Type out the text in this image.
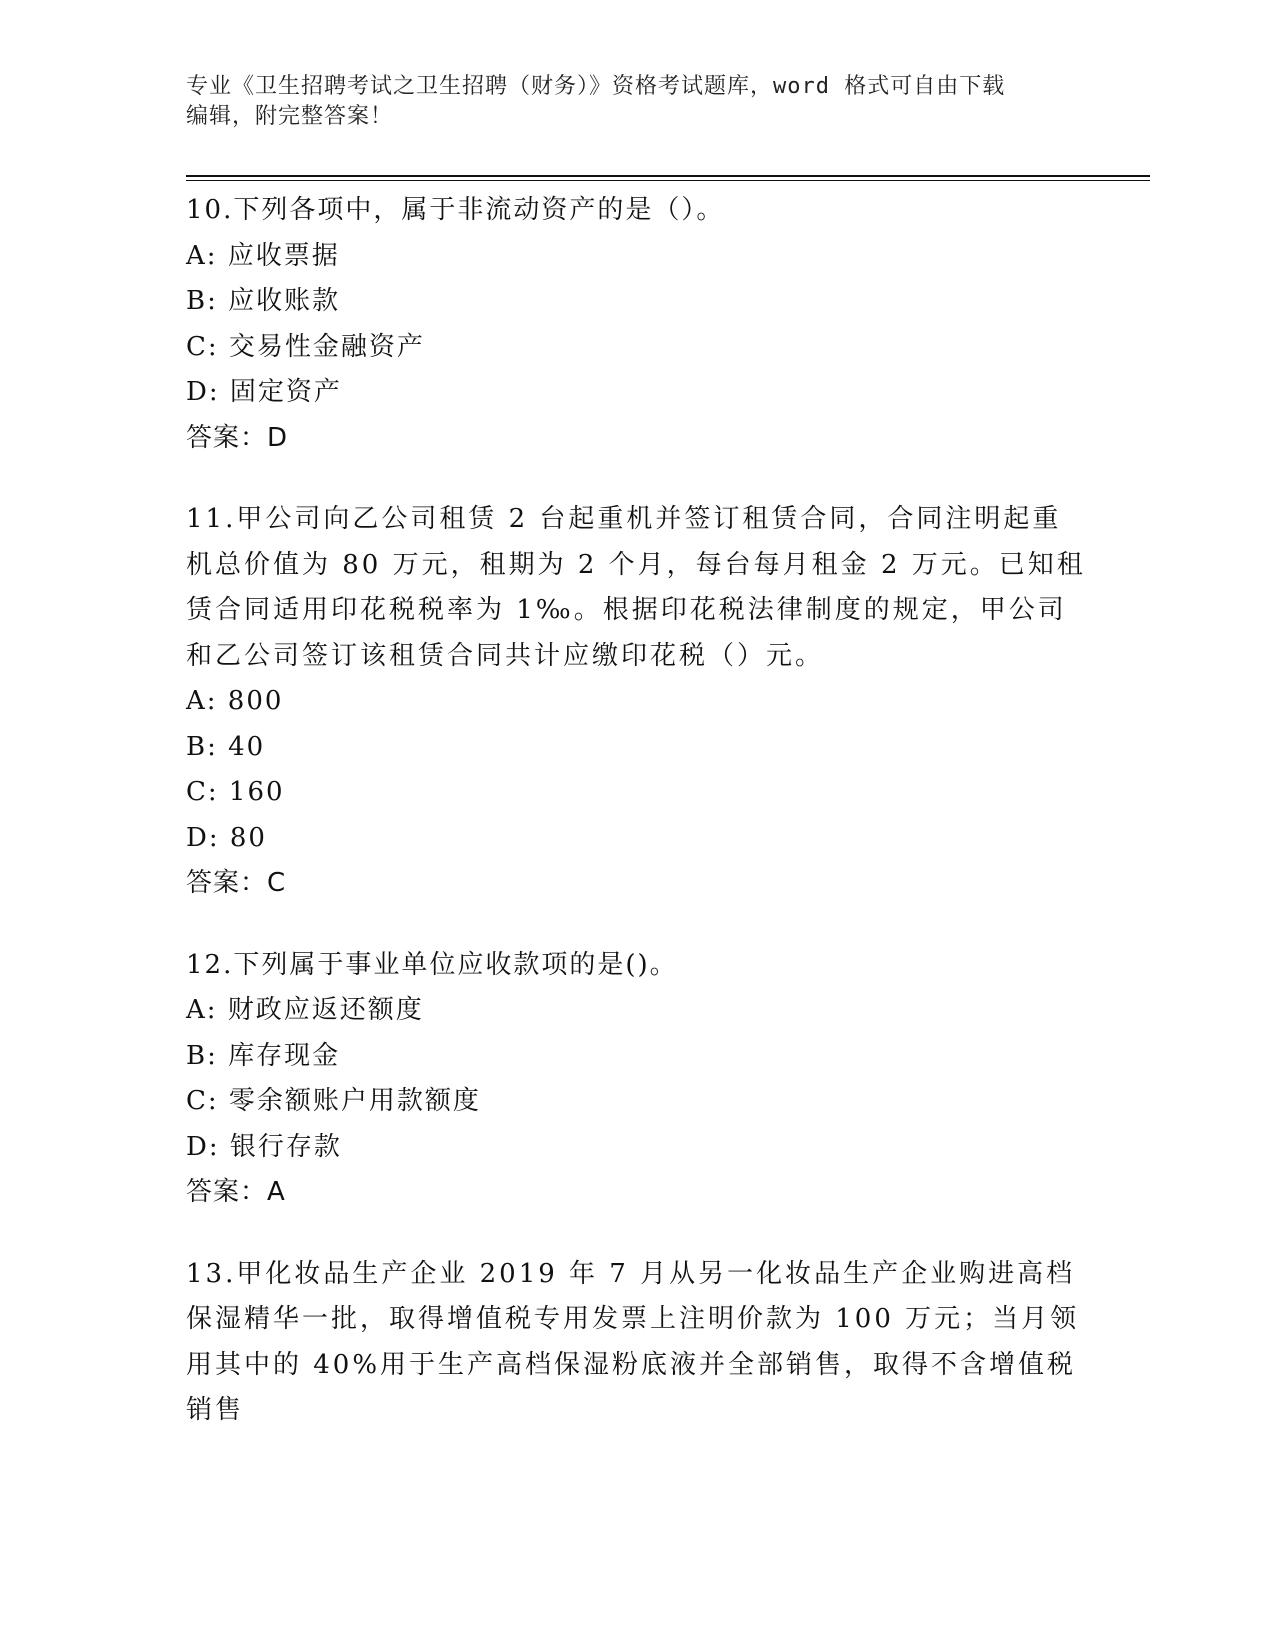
专业《卫生招聘考试之卫生招聘（财务）》资格考试题库，word 格式可自由下载
编辑，附完整答案！
10.下列各项中，属于非流动资产的是（）。
A: 应收票据
B: 应收账款
C: 交易性金融资产
D: 固定资产
答案：D
11.甲公司向乙公司租赁 2 台起重机并签订租赁合同，合同注明起重机总价值为 80 万元，租期为 2 个月，每台每月租金 2 万元。已知租赁合同适用印花税税率为 1‰。根据印花税法律制度的规定，甲公司和乙公司签订该租赁合同共计应缴印花税（）元。
A: 800
B: 40
C: 160
D: 80
答案：C
12.下列属于事业单位应收款项的是()。
A: 财政应返还额度
B: 库存现金
C: 零余额账户用款额度
D: 银行存款
答案：A
13.甲化妆品生产企业 2019 年 7 月从另一化妆品生产企业购进高档保湿精华一批，取得增值税专用发票上注明价款为 100 万元；当月领用其中的 40%用于生产高档保湿粉底液并全部销售，取得不含增值税销售
